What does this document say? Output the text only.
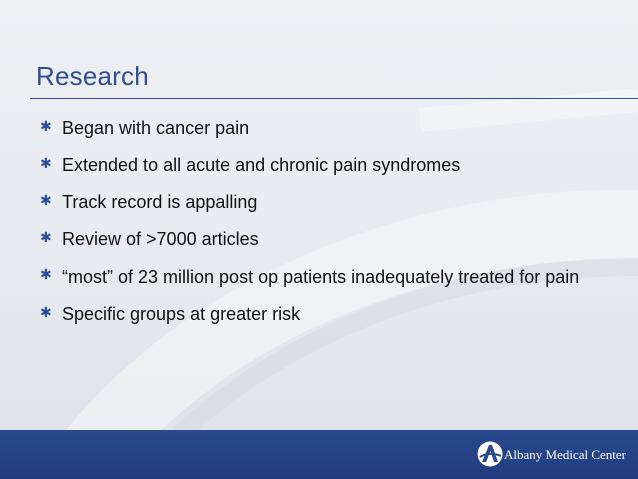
Research
✱ Began with cancer pain
✱ Extended to all acute and chronic pain syndromes
✱ Track record is appalling
✱ Review of >7000 articles
✱ “most” of 23 million post op patients inadequately treated for pain
✱ Specific groups at greater risk
Albany Medical Center
